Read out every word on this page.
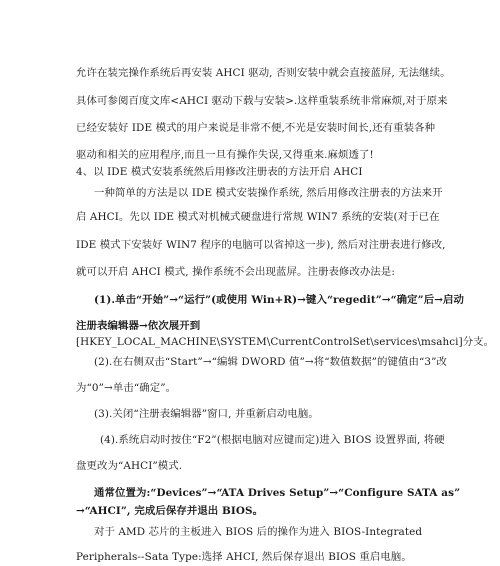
允许在装完操作系统后再安装 AHCI 驱动, 否则安装中就会直接蓝屏, 无法继续。
具体可参阅百度文库<AHCI 驱动下载与安装>.这样重装系统非常麻烦,对于原来
已经安装好 IDE 模式的用户来说是非常不便,不光是安装时间长,还有重装各种
驱动和相关的应用程序,而且一旦有操作失误,又得重来.麻烦透了!
4、以 IDE 模式安装系统然后用修改注册表的方法开启 AHCI
一种简单的方法是以 IDE 模式安装操作系统, 然后用修改注册表的方法来开
启 AHCI。先以 IDE 模式对机械式硬盘进行常规 WIN7 系统的安装(对于已在
IDE 模式下安装好 WIN7 程序的电脑可以省掉这一步), 然后对注册表进行修改,
就可以开启 AHCI 模式, 操作系统不会出现蓝屏。注册表修改办法是:
(1).单击“开始”→“运行”(或使用 Win+R)→键入“regedit”→“确定”后→启动
注册表编辑器→依次展开到
[HKEY_LOCAL_MACHINE\SYSTEM\CurrentControlSet\services\msahci]分支。
(2).在右侧双击“Start”→“编辑 DWORD 值”→将“数值数据”的键值由“3”改
为“0”→单击“确定”。
(3).关闭“注册表编辑器”窗口, 并重新启动电脑。
(4).系统启动时按住“F2”(根据电脑对应键而定)进入 BIOS 设置界面, 将硬
盘更改为“AHCI”模式.
通常位置为:“Devices”→“ATA Drives Setup”→“Configure SATA as”
→“AHCI”, 完成后保存并退出 BIOS。
对于 AMD 芯片的主板进入 BIOS 后的操作为进入 BIOS-Integrated
Peripherals--Sata Type:选择 AHCI, 然后保存退出 BIOS 重启电脑。
